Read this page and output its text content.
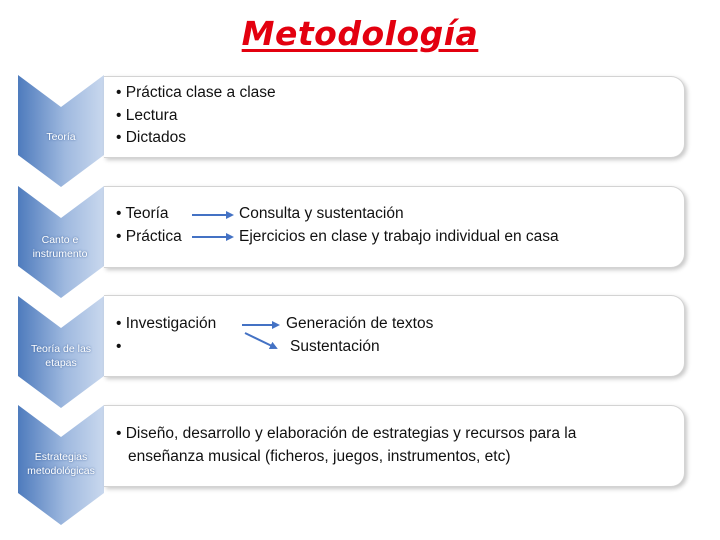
Metodología
Teoría
• Práctica clase a clase
• Lectura
• Dictados
Canto e instrumento
• Teoría
• Práctica
Consulta y sustentación
Ejercicios en clase y trabajo individual en casa
Teoría de las etapas
• Investigación
•	Generación de textos
Sustentación
Estrategias metodológicas
• Diseño, desarrollo y elaboración de estrategias y recursos para la enseñanza musical (ficheros, juegos, instrumentos, etc)
